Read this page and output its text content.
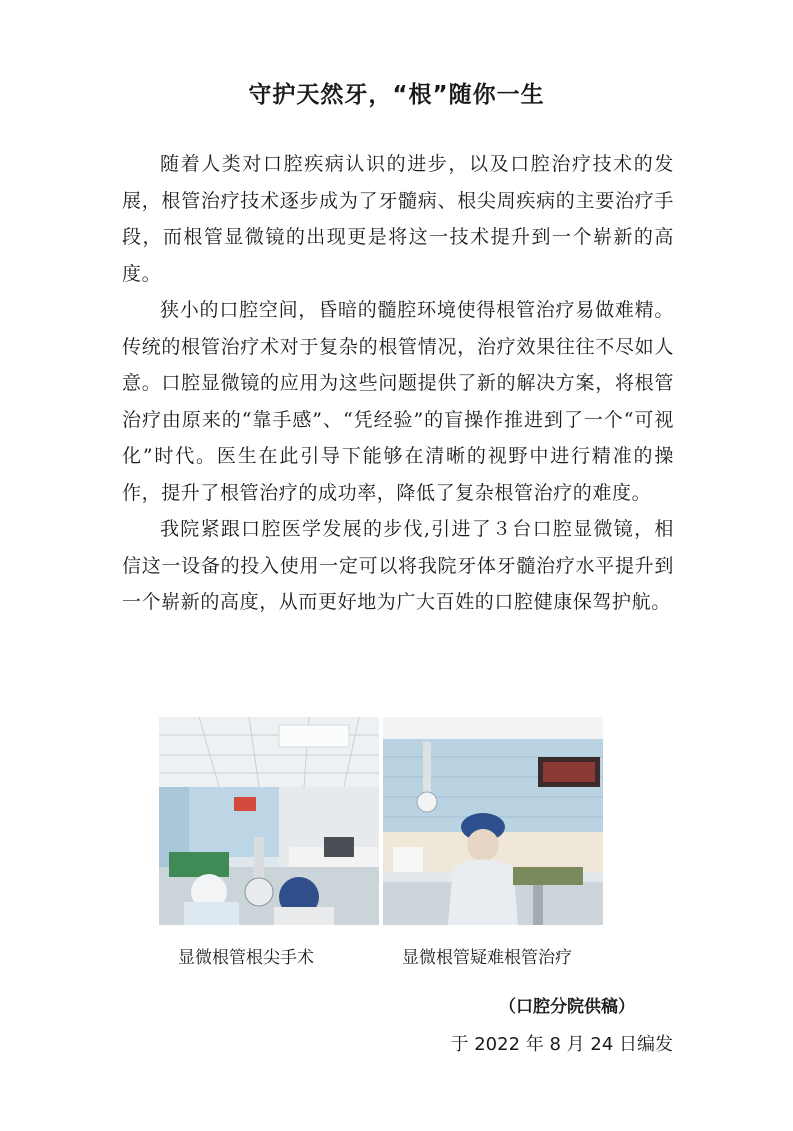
守护天然牙，“根”随你一生

随着人类对口腔疾病认识的进步，以及口腔治疗技术的发展，根管治疗技术逐步成为了牙髓病、根尖周疾病的主要治疗手段，而根管显微镜的出现更是将这一技术提升到一个崭新的高度。

狭小的口腔空间，昏暗的髓腔环境使得根管治疗易做难精。传统的根管治疗术对于复杂的根管情况，治疗效果往往不尽如人意。口腔显微镜的应用为这些问题提供了新的解决方案，将根管治疗由原来的“靠手感”、“凭经验”的盲操作推进到了一个“可视化”时代。医生在此引导下能够在清晰的视野中进行精准的操作，提升了根管治疗的成功率，降低了复杂根管治疗的难度。

我院紧跟口腔医学发展的步伐,引进了３台口腔显微镜，相信这一设备的投入使用一定可以将我院牙体牙髓治疗水平提升到一个崭新的高度，从而更好地为广大百姓的口腔健康保驾护航。

显微根管根尖手术	显微根管疑难根管治疗
（口腔分院供稿）
于 2022 年 8 月 24 日编发
